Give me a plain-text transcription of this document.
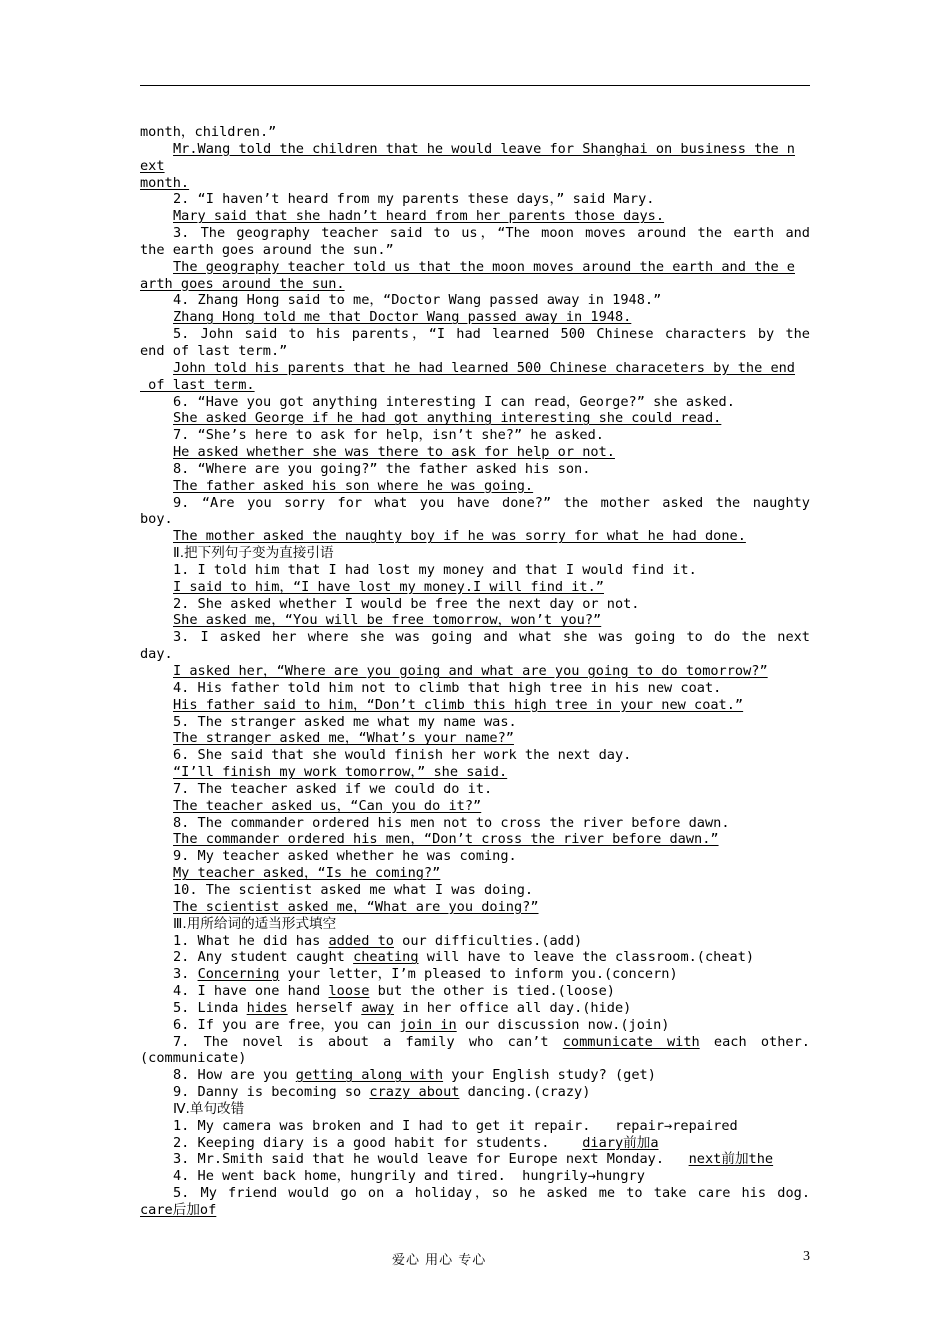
month，children.”
Mr.Wang told the children that he would leave for Shanghai on business the n
ext
month.
2. “I haven’t heard from my parents these days，” said Mary.
Mary said that she hadn’t heard from her parents those days.
3. The geography teacher said to us，“The moon moves around the earth and
the earth goes around the sun.”
The geography teacher told us that the moon moves around the earth and the e
arth goes around the sun.
4. Zhang Hong said to me，“Doctor Wang passed away in 1948.”
Zhang Hong told me that Doctor Wang passed away in 1948.
5. John said to his parents，“I had learned 500 Chinese characters by the
end of last term.”
John told his parents that he had learned 500 Chinese characeters by the end
of last term.
6. “Have you got anything interesting I can read，George?” she asked.
She asked George if he had got anything interesting she could read.
7. “She’s here to ask for help，isn’t she?” he asked.
He asked whether she was there to ask for help or not.
8. “Where are you going?” the father asked his son.
The father asked his son where he was going.
9. “Are you sorry for what you have done?” the mother asked the naughty
boy.
The mother asked the naughty boy if he was sorry for what he had done.
Ⅱ.把下列句子变为直接引语
1. I told him that I had lost my money and that I would find it.
I said to him，“I have lost my money.I will find it.”
2. She asked whether I would be free the next day or not.
She asked me，“You will be free tomorrow，won’t you?”
3. I asked her where she was going and what she was going to do the next
day.
I asked her，“Where are you going and what are you going to do tomorrow?”
4. His father told him not to climb that high tree in his new coat.
His father said to him，“Don’t climb this high tree in your new coat.”
5. The stranger asked me what my name was.
The stranger asked me，“What’s your name?”
6. She said that she would finish her work the next day.
“I’ll finish my work tomorrow，” she said.
7. The teacher asked if we could do it.
The teacher asked us，“Can you do it?”
8. The commander ordered his men not to cross the river before dawn.
The commander ordered his men，“Don’t cross the river before dawn.”
9. My teacher asked whether he was coming.
My teacher asked，“Is he coming?”
10. The scientist asked me what I was doing.
The scientist asked me，“What are you doing?”
Ⅲ.用所给词的适当形式填空
1. What he did has added to our difficulties.(add)
2. Any student caught cheating will have to leave the classroom.(cheat)
3. Concerning your letter，I’m pleased to inform you.(concern)
4. I have one hand loose but the other is tied.(loose)
5. Linda hides herself away in her office all day.(hide)
6. If you are free，you can join in our discussion now.(join)
7. The novel is about a family who can’t communicate with each other.
(communicate)
8. How are you getting along with your English study? (get)
9. Danny is becoming so crazy about dancing.(crazy)
Ⅳ.单句改错
1. My camera was broken and I had to get it repair.   repair→repaired
2. Keeping diary is a good habit for students.    diary前加a
3. Mr.Smith said that he would leave for Europe next Monday.   next前加the
4. He went back home，hungrily and tired.  hungrily→hungry
5. My friend would go on a holiday，so he asked me to take care his dog.
care后加of
爱心 用心 专心	3
